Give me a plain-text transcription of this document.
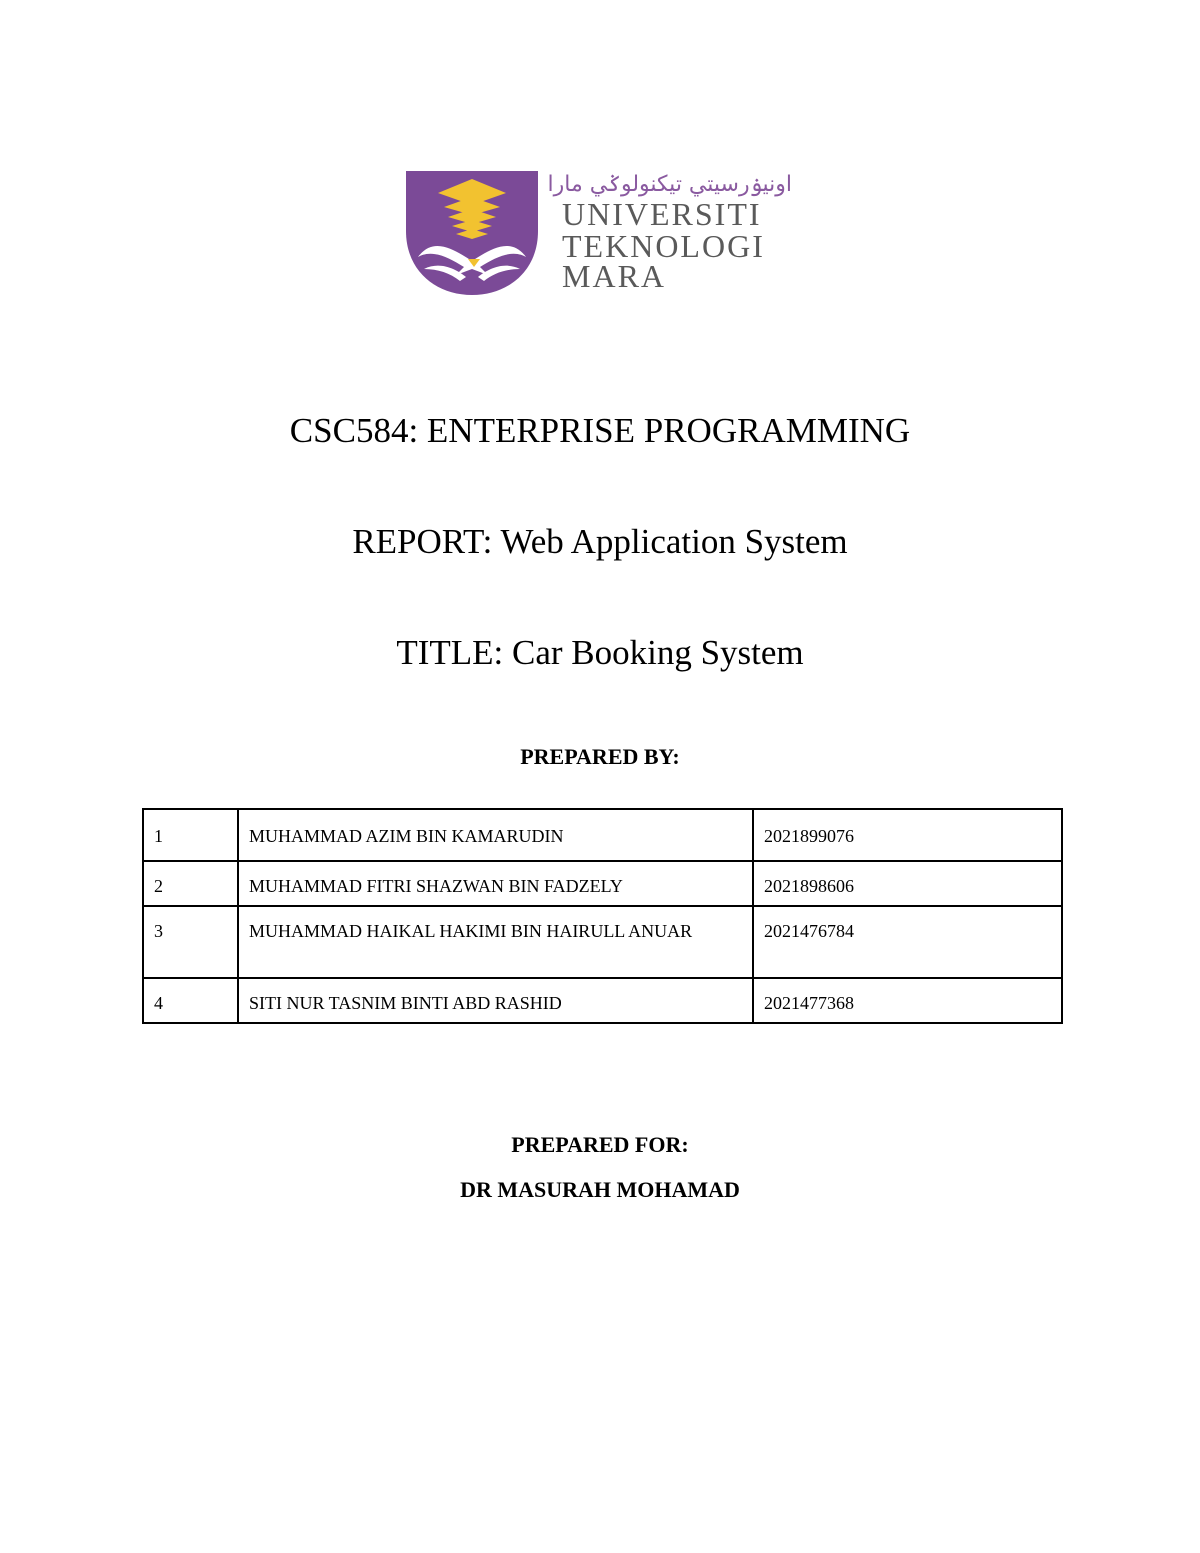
اونيۏرسيتي تيكنولوݢي مارا
UNIVERSITI
TEKNOLOGI
MARA
CSC584: ENTERPRISE PROGRAMMING
REPORT: Web Application System
TITLE: Car Booking System
PREPARED BY:
1	MUHAMMAD AZIM BIN KAMARUDIN	2021899076
2	MUHAMMAD FITRI SHAZWAN BIN FADZELY	2021898606
3	MUHAMMAD HAIKAL HAKIMI BIN HAIRULL ANUAR	2021476784
4	SITI NUR TASNIM BINTI ABD RASHID	2021477368
PREPARED FOR:
DR MASURAH MOHAMAD
